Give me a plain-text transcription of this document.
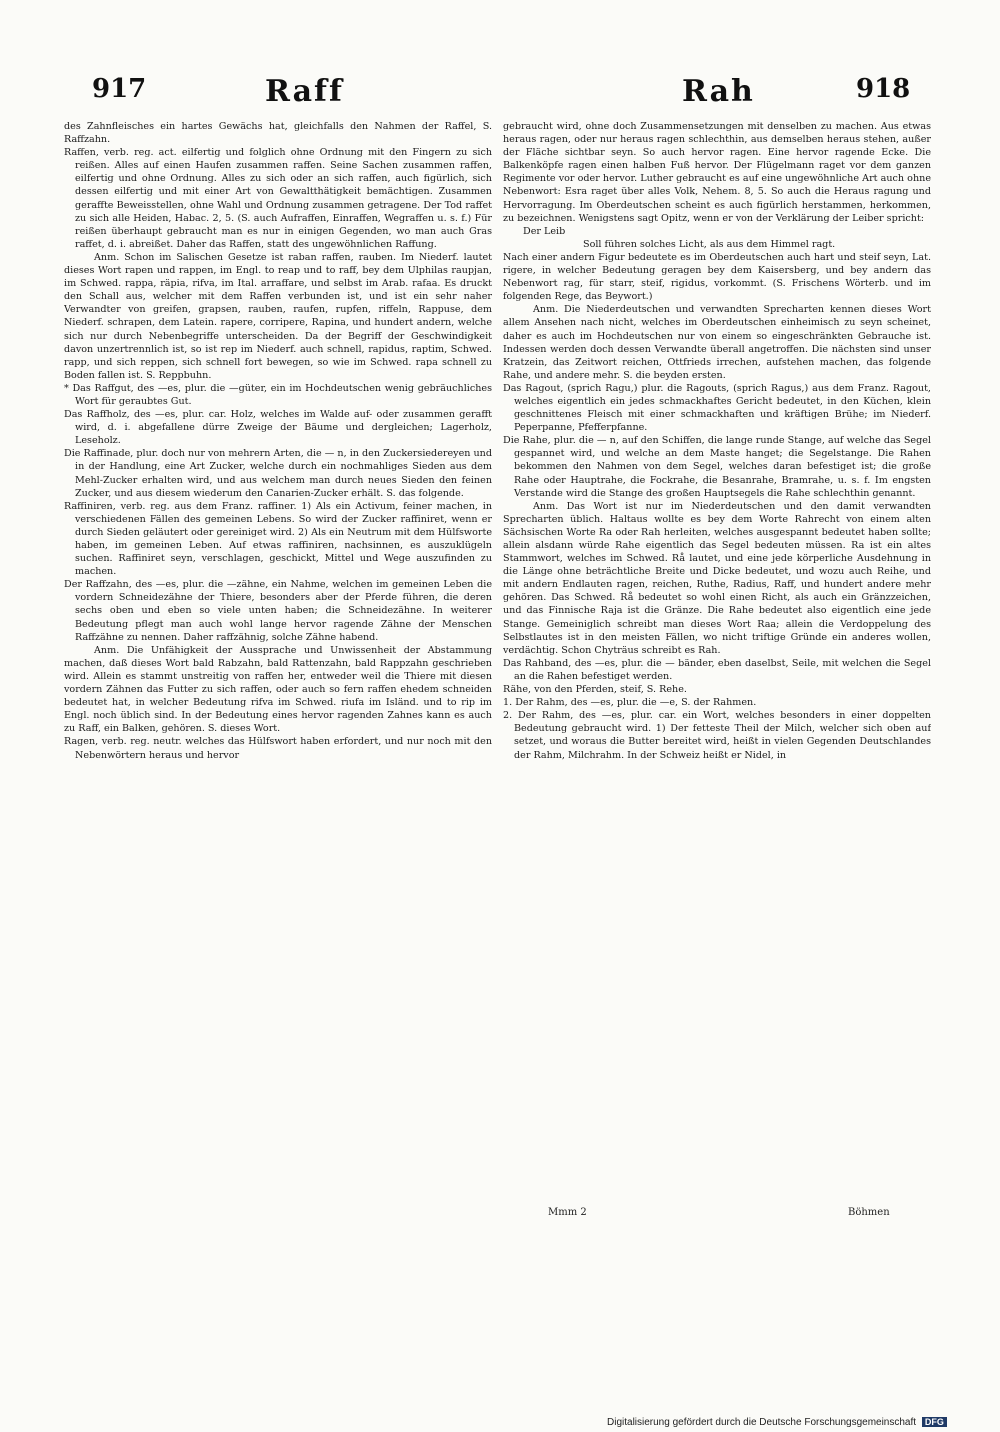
917	Raff	Rah	918

des Zahnfleisches ein hartes Gewächs hat, gleichfalls den Nahmen der Raffel, S. Raffzahn.

Raffen, verb. reg. act. eilfertig und folglich ohne Ordnung mit den Fingern zu sich reißen. Alles auf einen Haufen zusammen raffen. Seine Sachen zusammen raffen, eilfertig und ohne Ordnung. Alles zu sich oder an sich raffen, auch figürlich, sich dessen eilfertig und mit einer Art von Gewaltthätigkeit bemächtigen. Zusammen geraffte Beweisstellen, ohne Wahl und Ordnung zusammen getragene. Der Tod raffet zu sich alle Heiden, Habac. 2, 5. (S. auch Aufraffen, Einraffen, Wegraffen u. s. f.) Für reißen überhaupt gebraucht man es nur in einigen Gegenden, wo man auch Gras raffet, d. i. abreißet. Daher das Raffen, statt des ungewöhnlichen Raffung.

Anm. Schon im Salischen Gesetze ist raban raffen, rauben. Im Niederf. lautet dieses Wort rapen und rappen, im Engl. to reap und to raff, bey dem Ulphilas raupjan, im Schwed. rappa, räpia, rifva, im Ital. arraffare, und selbst im Arab. rafaa. Es druckt den Schall aus, welcher mit dem Raffen verbunden ist, und ist ein sehr naher Verwandter von greifen, grapsen, rauben, raufen, rupfen, riffeln, Rappuse, dem Niederf. schrapen, dem Latein. rapere, corripere, Rapina, und hundert andern, welche sich nur durch Nebenbegriffe unterscheiden. Da der Begriff der Geschwindigkeit davon unzertrennlich ist, so ist rep im Niederf. auch schnell, rapidus, raptim, Schwed. rapp, und sich reppen, sich schnell fort bewegen, so wie im Schwed. rapa schnell zu Boden fallen ist. S. Reppbuhn.

* Das Raffgut, des —es, plur. die —güter, ein im Hochdeutschen wenig gebräuchliches Wort für geraubtes Gut.

Das Raffholz, des —es, plur. car. Holz, welches im Walde auf- oder zusammen gerafft wird, d. i. abgefallene dürre Zweige der Bäume und dergleichen; Lagerholz, Leseholz.

Die Raffinade, plur. doch nur von mehrern Arten, die — n, in den Zuckersiedereyen und in der Handlung, eine Art Zucker, welche durch ein nochmahliges Sieden aus dem Mehl-Zucker erhalten wird, und aus welchem man durch neues Sieden den feinen Zucker, und aus diesem wiederum den Canarien-Zucker erhält. S. das folgende.

Raffiniren, verb. reg. aus dem Franz. raffiner. 1) Als ein Activum, feiner machen, in verschiedenen Fällen des gemeinen Lebens. So wird der Zucker raffiniret, wenn er durch Sieden geläutert oder gereiniget wird. 2) Als ein Neutrum mit dem Hülfsworte haben, im gemeinen Leben. Auf etwas raffiniren, nachsinnen, es auszuklügeln suchen. Raffiniret seyn, verschlagen, geschickt, Mittel und Wege auszufinden zu machen.

Der Raffzahn, des —es, plur. die —zähne, ein Nahme, welchen im gemeinen Leben die vordern Schneidezähne der Thiere, besonders aber der Pferde führen, die deren sechs oben und eben so viele unten haben; die Schneidezähne. In weiterer Bedeutung pflegt man auch wohl lange hervor ragende Zähne der Menschen Raffzähne zu nennen. Daher raffzähnig, solche Zähne habend.

Anm. Die Unfähigkeit der Aussprache und Unwissenheit der Abstammung machen, daß dieses Wort bald Rabzahn, bald Rattenzahn, bald Rappzahn geschrieben wird. Allein es stammt unstreitig von raffen her, entweder weil die Thiere mit diesen vordern Zähnen das Futter zu sich raffen, oder auch so fern raffen ehedem schneiden bedeutet hat, in welcher Bedeutung rifva im Schwed. riufa im Isländ. und to rip im Engl. noch üblich sind. In der Bedeutung eines hervor ragenden Zahnes kann es auch zu Raff, ein Balken, gehören. S. dieses Wort.

Ragen, verb. reg. neutr. welches das Hülfswort haben erfordert, und nur noch mit den Nebenwörtern heraus und hervor

gebraucht wird, ohne doch Zusammensetzungen mit denselben zu machen. Aus etwas heraus ragen, oder nur heraus ragen schlechthin, aus demselben heraus stehen, außer der Fläche sichtbar seyn. So auch hervor ragen. Eine hervor ragende Ecke. Die Balkenköpfe ragen einen halben Fuß hervor. Der Flügelmann raget vor dem ganzen Regimente vor oder hervor. Luther gebraucht es auf eine ungewöhnliche Art auch ohne Nebenwort: Esra raget über alles Volk, Nehem. 8, 5. So auch die Heraus ragung und Hervorragung. Im Oberdeutschen scheint es auch figürlich herstammen, herkommen, zu bezeichnen. Wenigstens sagt Opitz, wenn er von der Verklärung der Leiber spricht:

Der Leib

Soll führen solches Licht, als aus dem Himmel ragt.

Nach einer andern Figur bedeutete es im Oberdeutschen auch hart und steif seyn, Lat. rigere, in welcher Bedeutung geragen bey dem Kaisersberg, und bey andern das Nebenwort rag, für starr, steif, rigidus, vorkommt. (S. Frischens Wörterb. und im folgenden Rege, das Beywort.)

Anm. Die Niederdeutschen und verwandten Sprecharten kennen dieses Wort allem Ansehen nach nicht, welches im Oberdeutschen einheimisch zu seyn scheinet, daher es auch im Hochdeutschen nur von einem so eingeschränkten Gebrauche ist. Indessen werden doch dessen Verwandte überall angetroffen. Die nächsten sind unser Kratzein, das Zeitwort reichen, Ottfrieds irrechen, aufstehen machen, das folgende Rahe, und andere mehr. S. die beyden ersten.

Das Ragout, (sprich Ragu,) plur. die Ragouts, (sprich Ragus,) aus dem Franz. Ragout, welches eigentlich ein jedes schmackhaftes Gericht bedeutet, in den Küchen, klein geschnittenes Fleisch mit einer schmackhaften und kräftigen Brühe; im Niederf. Peperpanne, Pfefferpfanne.

Die Rahe, plur. die — n, auf den Schiffen, die lange runde Stange, auf welche das Segel gespannet wird, und welche an dem Maste hanget; die Segelstange. Die Rahen bekommen den Nahmen von dem Segel, welches daran befestiget ist; die große Rahe oder Hauptrahe, die Fockrahe, die Besanrahe, Bramrahe, u. s. f. Im engsten Verstande wird die Stange des großen Hauptsegels die Rahe schlechthin genannt.

Anm. Das Wort ist nur im Niederdeutschen und den damit verwandten Sprecharten üblich. Haltaus wollte es bey dem Worte Rahrecht von einem alten Sächsischen Worte Ra oder Rah herleiten, welches ausgespannt bedeutet haben sollte; allein alsdann würde Rahe eigentlich das Segel bedeuten müssen. Ra ist ein altes Stammwort, welches im Schwed. Rå lautet, und eine jede körperliche Ausdehnung in die Länge ohne beträchtliche Breite und Dicke bedeutet, und wozu auch Reihe, und mit andern Endlauten ragen, reichen, Ruthe, Radius, Raff, und hundert andere mehr gehören. Das Schwed. Rå bedeutet so wohl einen Richt, als auch ein Gränzzeichen, und das Finnische Raja ist die Gränze. Die Rahe bedeutet also eigentlich eine jede Stange. Gemeiniglich schreibt man dieses Wort Raa; allein die Verdoppelung des Selbstlautes ist in den meisten Fällen, wo nicht triftige Gründe ein anderes wollen, verdächtig. Schon Chyträus schreibt es Rah.

Das Rahband, des —es, plur. die — bänder, eben daselbst, Seile, mit welchen die Segel an die Rahen befestiget werden.

Rähe, von den Pferden, steif, S. Rehe.

1. Der Rahm, des —es, plur. die —e, S. der Rahmen.

2. Der Rahm, des —es, plur. car. ein Wort, welches besonders in einer doppelten Bedeutung gebraucht wird. 1) Der fetteste Theil der Milch, welcher sich oben auf setzet, und woraus die Butter bereitet wird, heißt in vielen Gegenden Deutschlandes der Rahm, Milchrahm. In der Schweiz heißt er Nidel, in

Mmm 2	Böhmen
Digitalisierung gefördert durch die Deutsche Forschungsgemeinschaft DFG
